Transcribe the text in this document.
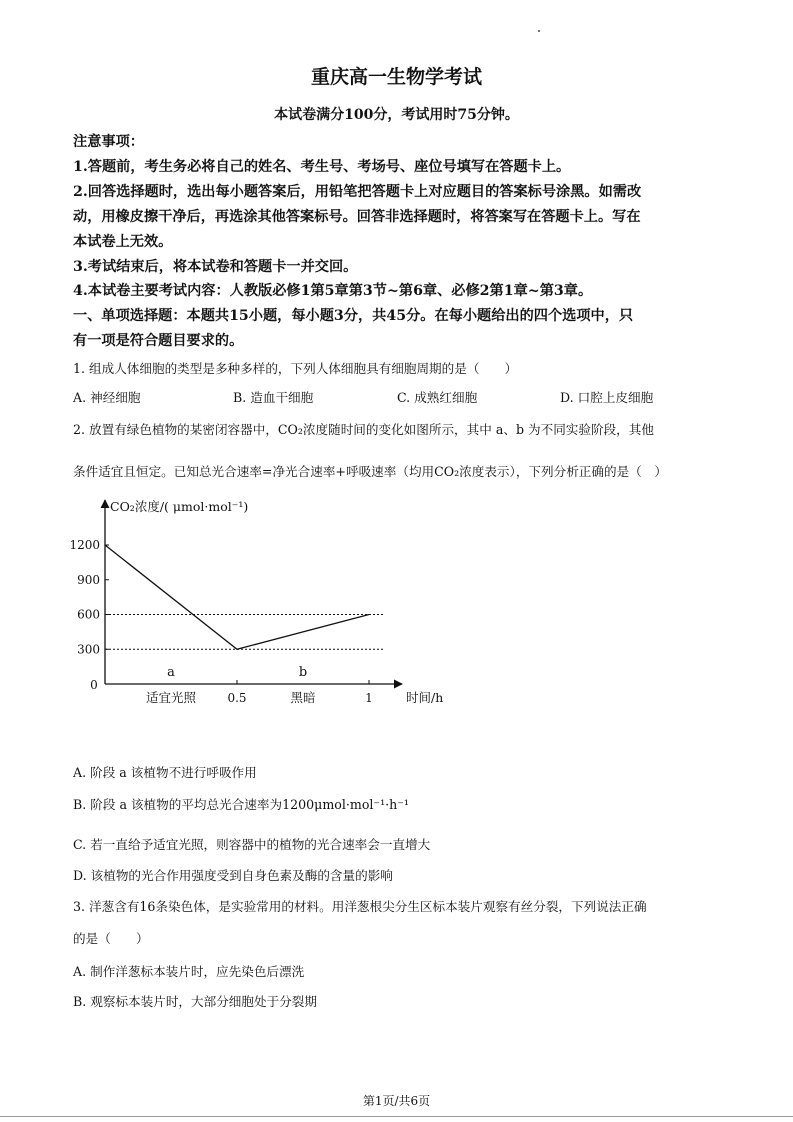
重庆高一生物学考试
本试卷满分100分，考试用时75分钟。
注意事项：
1.答题前，考生务必将自己的姓名、考生号、考场号、座位号填写在答题卡上。
2.回答选择题时，选出每小题答案后，用铅笔把答题卡上对应题目的答案标号涂黑。如需改
动，用橡皮擦干净后，再选涂其他答案标号。回答非选择题时，将答案写在答题卡上。写在
本试卷上无效。
3.考试结束后，将本试卷和答题卡一并交回。
4.本试卷主要考试内容：人教版必修1第5章第3节~第6章、必修2第1章~第3章。
一、单项选择题：本题共15小题，每小题3分，共45分。在每小题给出的四个选项中，只
有一项是符合题目要求的。
1. 组成人体细胞的类型是多种多样的，下列人体细胞具有细胞周期的是（　　）
A. 神经细胞	B. 造血干细胞	C. 成熟红细胞	D. 口腔上皮细胞
2. 放置有绿色植物的某密闭容器中，CO₂浓度随时间的变化如图所示，其中 a、b 为不同实验阶段，其他
条件适宜且恒定。已知总光合速率=净光合速率+呼吸速率（均用CO₂浓度表示），下列分析正确的是（　）
CO₂浓度/( μmol·mol⁻¹)
时间/h
0
300
600
900
1200
0.5	1
a
适宜光照
b
黑暗
A. 阶段 a 该植物不进行呼吸作用
B. 阶段 a 该植物的平均总光合速率为1200μmol·mol⁻¹·h⁻¹
C. 若一直给予适宜光照，则容器中的植物的光合速率会一直增大
D. 该植物的光合作用强度受到自身色素及酶的含量的影响
3. 洋葱含有16条染色体，是实验常用的材料。用洋葱根尖分生区标本装片观察有丝分裂，下列说法正确
的是（　　）
A. 制作洋葱标本装片时，应先染色后漂洗
B. 观察标本装片时，大部分细胞处于分裂期
第1页/共6页
